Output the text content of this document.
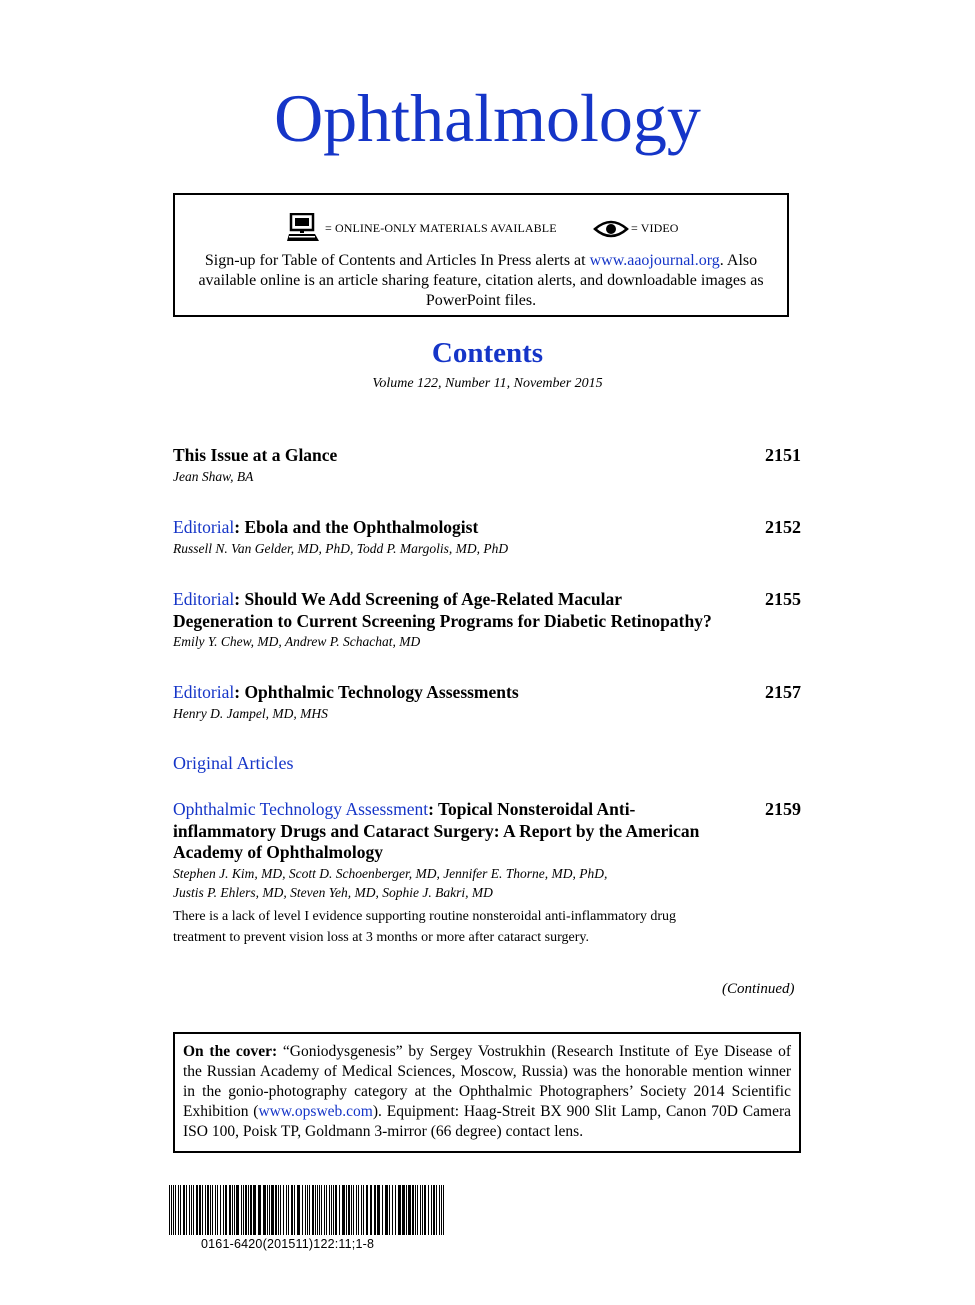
Ophthalmology
= ONLINE-ONLY MATERIALS AVAILABLE	= VIDEO
Sign-up for Table of Contents and Articles In Press alerts at www.aaojournal.org. Also available online is an article sharing feature, citation alerts, and downloadable images as PowerPoint files.
Contents
Volume 122, Number 11, November 2015
This Issue at a Glance
Jean Shaw, BA
2151
Editorial: Ebola and the Ophthalmologist
Russell N. Van Gelder, MD, PhD, Todd P. Margolis, MD, PhD
2152
Editorial: Should We Add Screening of Age-Related Macular Degeneration to Current Screening Programs for Diabetic Retinopathy?
Emily Y. Chew, MD, Andrew P. Schachat, MD
2155
Editorial: Ophthalmic Technology Assessments
Henry D. Jampel, MD, MHS
2157
Original Articles
Ophthalmic Technology Assessment: Topical Nonsteroidal Anti-inflammatory Drugs and Cataract Surgery: A Report by the American Academy of Ophthalmology
Stephen J. Kim, MD, Scott D. Schoenberger, MD, Jennifer E. Thorne, MD, PhD,
Justis P. Ehlers, MD, Steven Yeh, MD, Sophie J. Bakri, MD
There is a lack of level I evidence supporting routine nonsteroidal anti-inflammatory drug treatment to prevent vision loss at 3 months or more after cataract surgery.
2159
(Continued)
On the cover: “Goniodysgenesis” by Sergey Vostrukhin (Research Institute of Eye Disease of the Russian Academy of Medical Sciences, Moscow, Russia) was the honorable mention winner in the gonio-photography category at the Ophthalmic Photographers’ Society 2014 Scientific Exhibition (www.opsweb.com). Equipment: Haag-Streit BX 900 Slit Lamp, Canon 70D Camera ISO 100, Poisk TP, Goldmann 3-mirror (66 degree) contact lens.
0161-6420(201511)122:11;1-8
